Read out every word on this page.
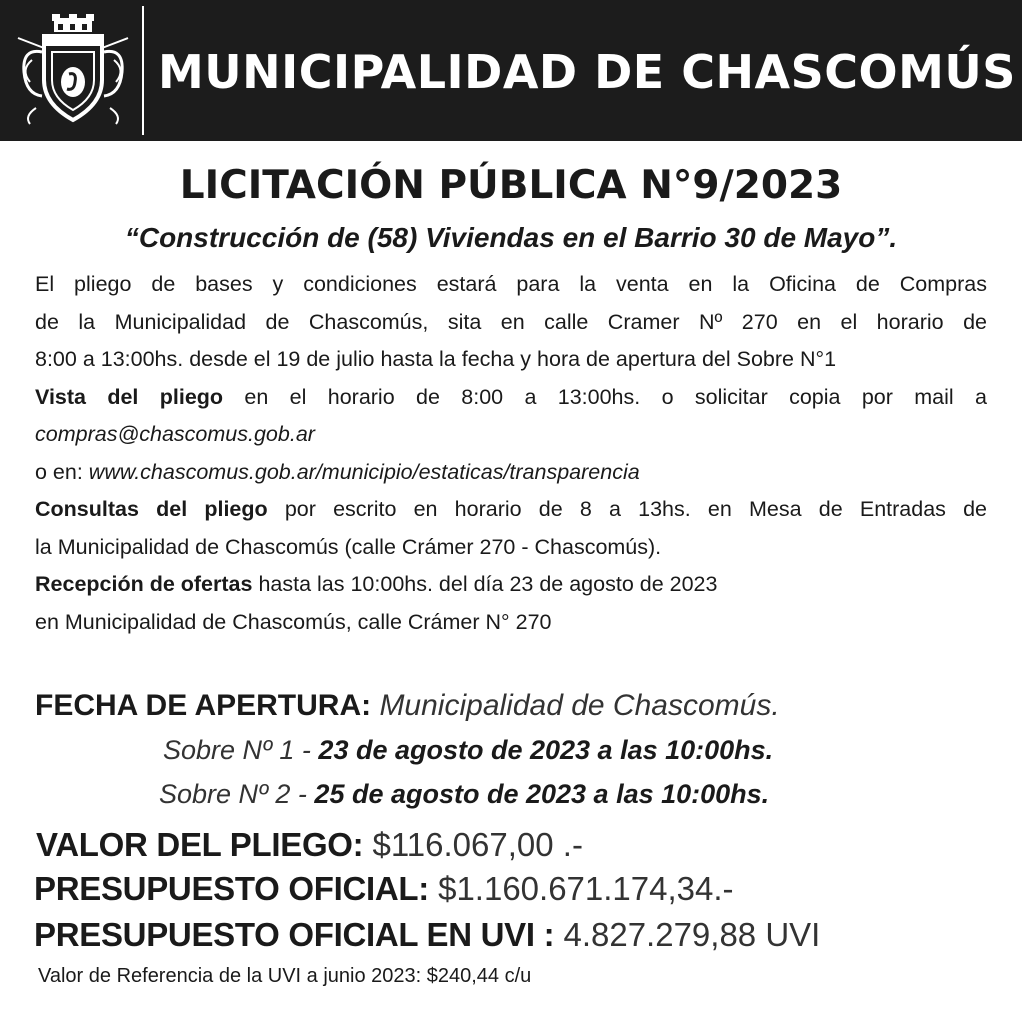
MUNICIPALIDAD DE CHASCOMÚS
LICITACIÓN PÚBLICA N°9/2023
“Construcción de (58) Viviendas en el Barrio 30 de Mayo”.

El pliego de bases y condiciones estará para la venta en la Oficina de Compras

de la Municipalidad de Chascomús, sita en calle Cramer Nº 270 en el horario de

8:00 a 13:00hs. desde el 19 de julio hasta la fecha y hora de apertura del Sobre N°1

Vista del pliego en el horario de 8:00 a 13:00hs. o solicitar copia por mail a

compras@chascomus.gob.ar

o en: www.chascomus.gob.ar/municipio/estaticas/transparencia

Consultas del pliego por escrito en horario de 8 a 13hs. en Mesa de Entradas de

la Municipalidad de Chascomús (calle Crámer 270 - Chascomús).

Recepción de ofertas hasta las 10:00hs. del día 23 de agosto de 2023

en Municipalidad de Chascomús, calle Crámer N° 270

FECHA DE APERTURA: Municipalidad de Chascomús.
Sobre Nº 1 - 23 de agosto de 2023 a las 10:00hs.
Sobre Nº 2 - 25 de agosto de 2023 a las 10:00hs.
VALOR DEL PLIEGO: $116.067,00 .-
PRESUPUESTO OFICIAL: $1.160.671.174,34.-
PRESUPUESTO OFICIAL EN UVI : 4.827.279,88 UVI
Valor de Referencia de la UVI a junio 2023: $240,44 c/u
